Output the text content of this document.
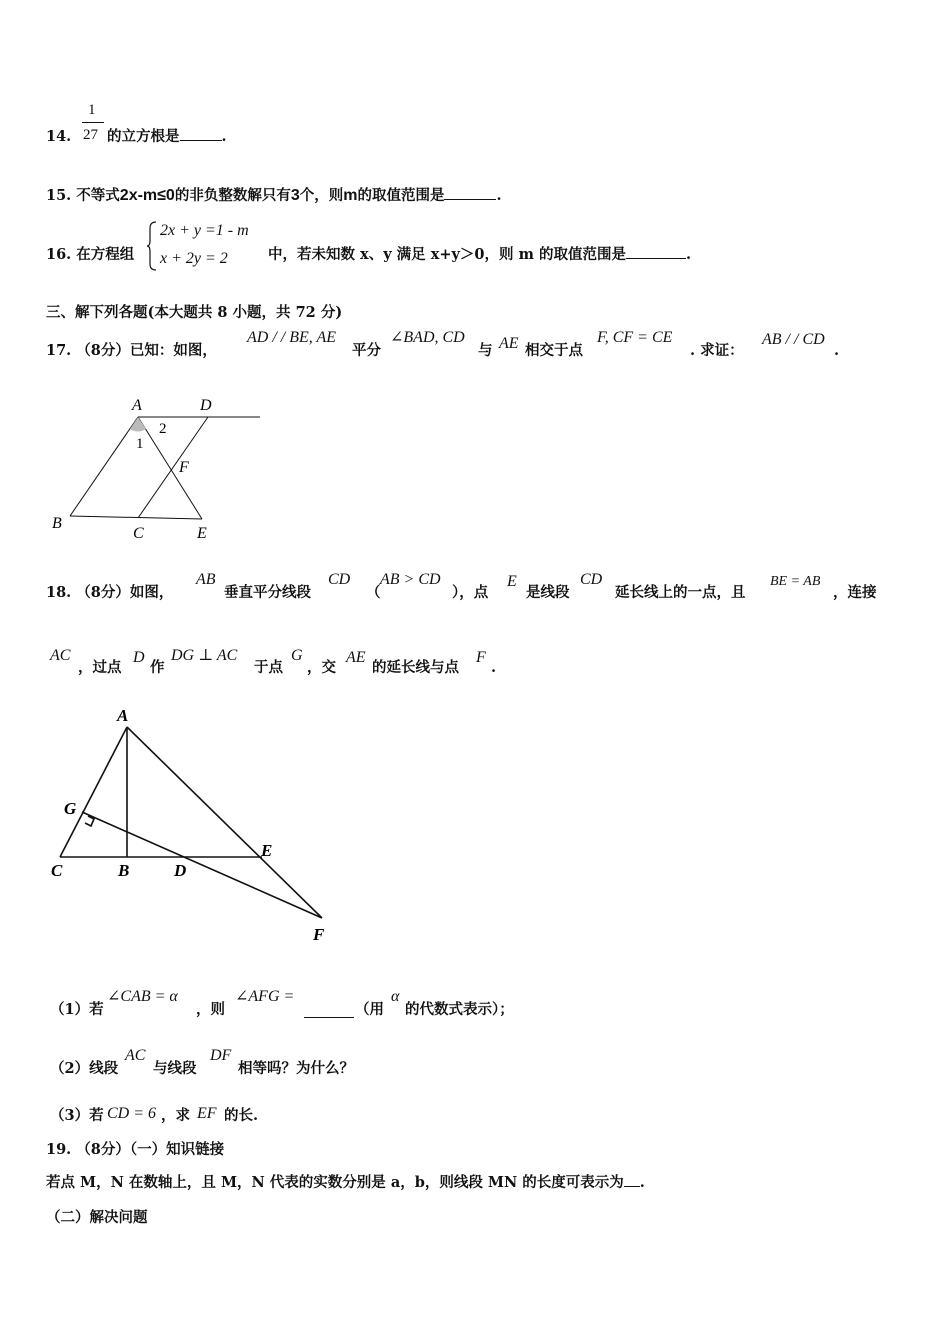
14.
1
27 的立方根是	.
15. 不等式2x-m≤0的非负整数解只有3个，则m的取值范围是	.
16. 在方程组
2x + y =1 - m
x + 2y = 2	中，若未知数 x、y 满足 x+y＞0，则 m 的取值范围是	.
三、解下列各题(本大题共 8 小题，共 72 分)
17. （8分）已知：如图，
AD / / BE, AE
平分
∠BAD, CD
与 AE 相交于点
F, CF = CE
. 求证：
AB / / CD
.
A	D
B
C	E
F
1
2
18. （8分）如图，
AB
垂直平分线段
CD
（
AB > CD
），点
E
是线段
CD
延长线上的一点，且
BE = AB
，连接
AC
，过点
D
作
DG ⊥ AC
于点
G
，交
AE
的延长线与点
F
.
A
G
C	B	D
E
F
（1）若
∠CAB = α
，则
∠AFG =
（用
α
的代数式表示）；
（2）线段
AC
与线段
DF
相等吗？为什么？
（3）若 CD = 6 ，求 EF 的长.
19. （8分）（一）知识链接
若点 M，N 在数轴上，且 M，N 代表的实数分别是 a，b，则线段 MN 的长度可表示为 .
（二）解决问题
